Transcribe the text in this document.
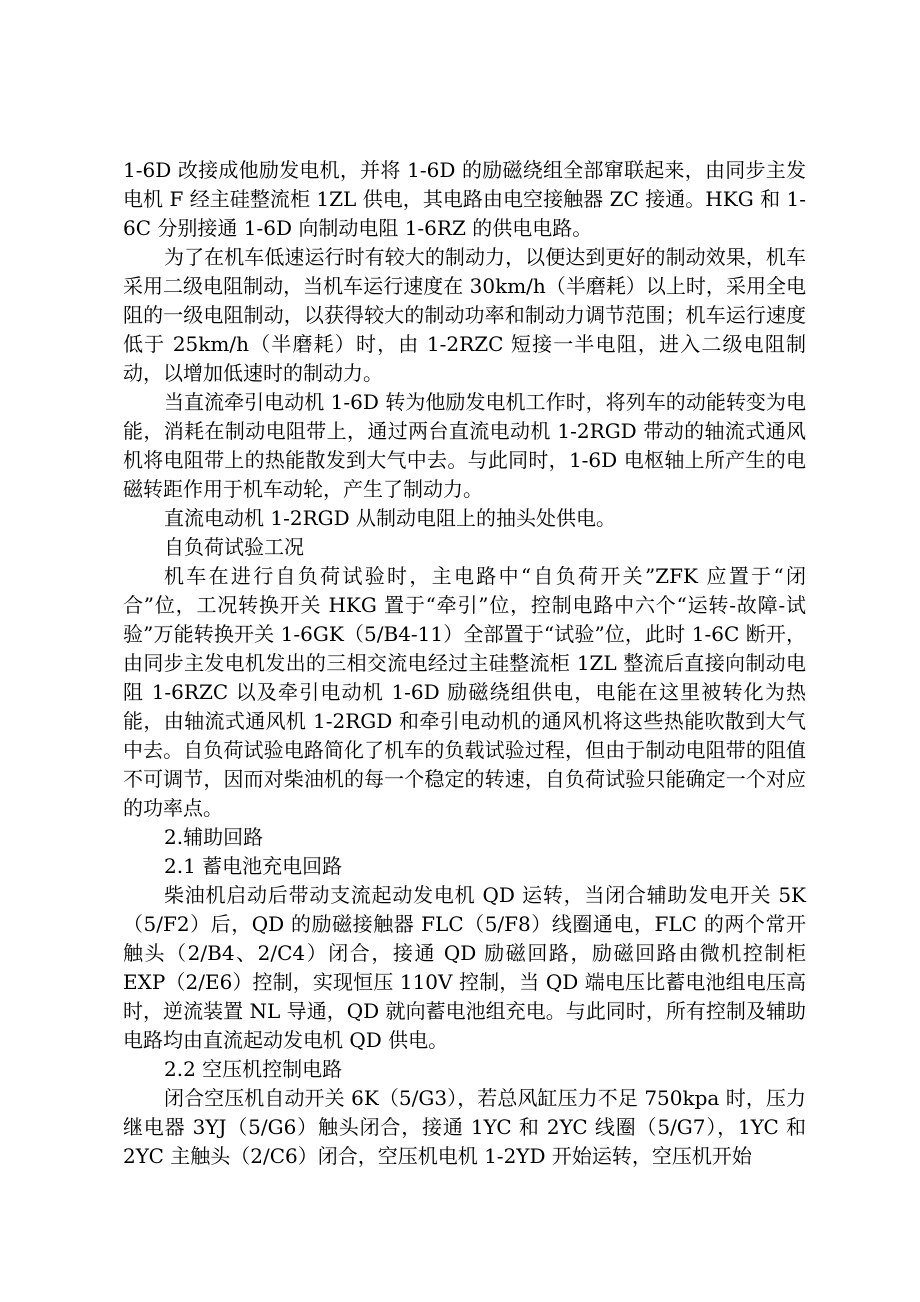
1-6D 改接成他励发电机，并将 1-6D 的励磁绕组全部窜联起来，由同步主发电机 F 经主硅整流柜 1ZL 供电，其电路由电空接触器 ZC 接通。HKG 和 1-6C 分别接通 1-6D 向制动电阻 1-6RZ 的供电电路。

为了在机车低速运行时有较大的制动力，以便达到更好的制动效果，机车采用二级电阻制动，当机车运行速度在 30km/h（半磨耗）以上时，采用全电阻的一级电阻制动，以获得较大的制动功率和制动力调节范围；机车运行速度低于 25km/h（半磨耗）时，由 1-2RZC 短接一半电阻，进入二级电阻制动，以增加低速时的制动力。

当直流牵引电动机 1-6D 转为他励发电机工作时，将列车的动能转变为电能，消耗在制动电阻带上，通过两台直流电动机 1-2RGD 带动的轴流式通风机将电阻带上的热能散发到大气中去。与此同时，1-6D 电枢轴上所产生的电磁转距作用于机车动轮，产生了制动力。

直流电动机 1-2RGD 从制动电阻上的抽头处供电。

自负荷试验工况

机车在进行自负荷试验时，主电路中“自负荷开关”ZFK 应置于“闭合”位，工况转换开关 HKG 置于“牵引”位，控制电路中六个“运转-故障-试验”万能转换开关 1-6GK（5/B4-11）全部置于“试验”位，此时 1-6C 断开，由同步主发电机发出的三相交流电经过主硅整流柜 1ZL 整流后直接向制动电阻 1-6RZC 以及牵引电动机 1-6D 励磁绕组供电，电能在这里被转化为热能，由轴流式通风机 1-2RGD 和牵引电动机的通风机将这些热能吹散到大气中去。自负荷试验电路简化了机车的负载试验过程，但由于制动电阻带的阻值不可调节，因而对柴油机的每一个稳定的转速，自负荷试验只能确定一个对应的功率点。

2.辅助回路

2.1 蓄电池充电回路

柴油机启动后带动支流起动发电机 QD 运转，当闭合辅助发电开关 5K（5/F2）后，QD 的励磁接触器 FLC（5/F8）线圈通电，FLC 的两个常开触头（2/B4、2/C4）闭合，接通 QD 励磁回路，励磁回路由微机控制柜 EXP（2/E6）控制，实现恒压 110V 控制，当 QD 端电压比蓄电池组电压高时，逆流装置 NL 导通，QD 就向蓄电池组充电。与此同时，所有控制及辅助电路均由直流起动发电机 QD 供电。

2.2 空压机控制电路

闭合空压机自动开关 6K（5/G3），若总风缸压力不足 750kpa 时，压力继电器 3YJ（5/G6）触头闭合，接通 1YC 和 2YC 线圈（5/G7），1YC 和 2YC 主触头（2/C6）闭合，空压机电机 1-2YD 开始运转，空压机开始
